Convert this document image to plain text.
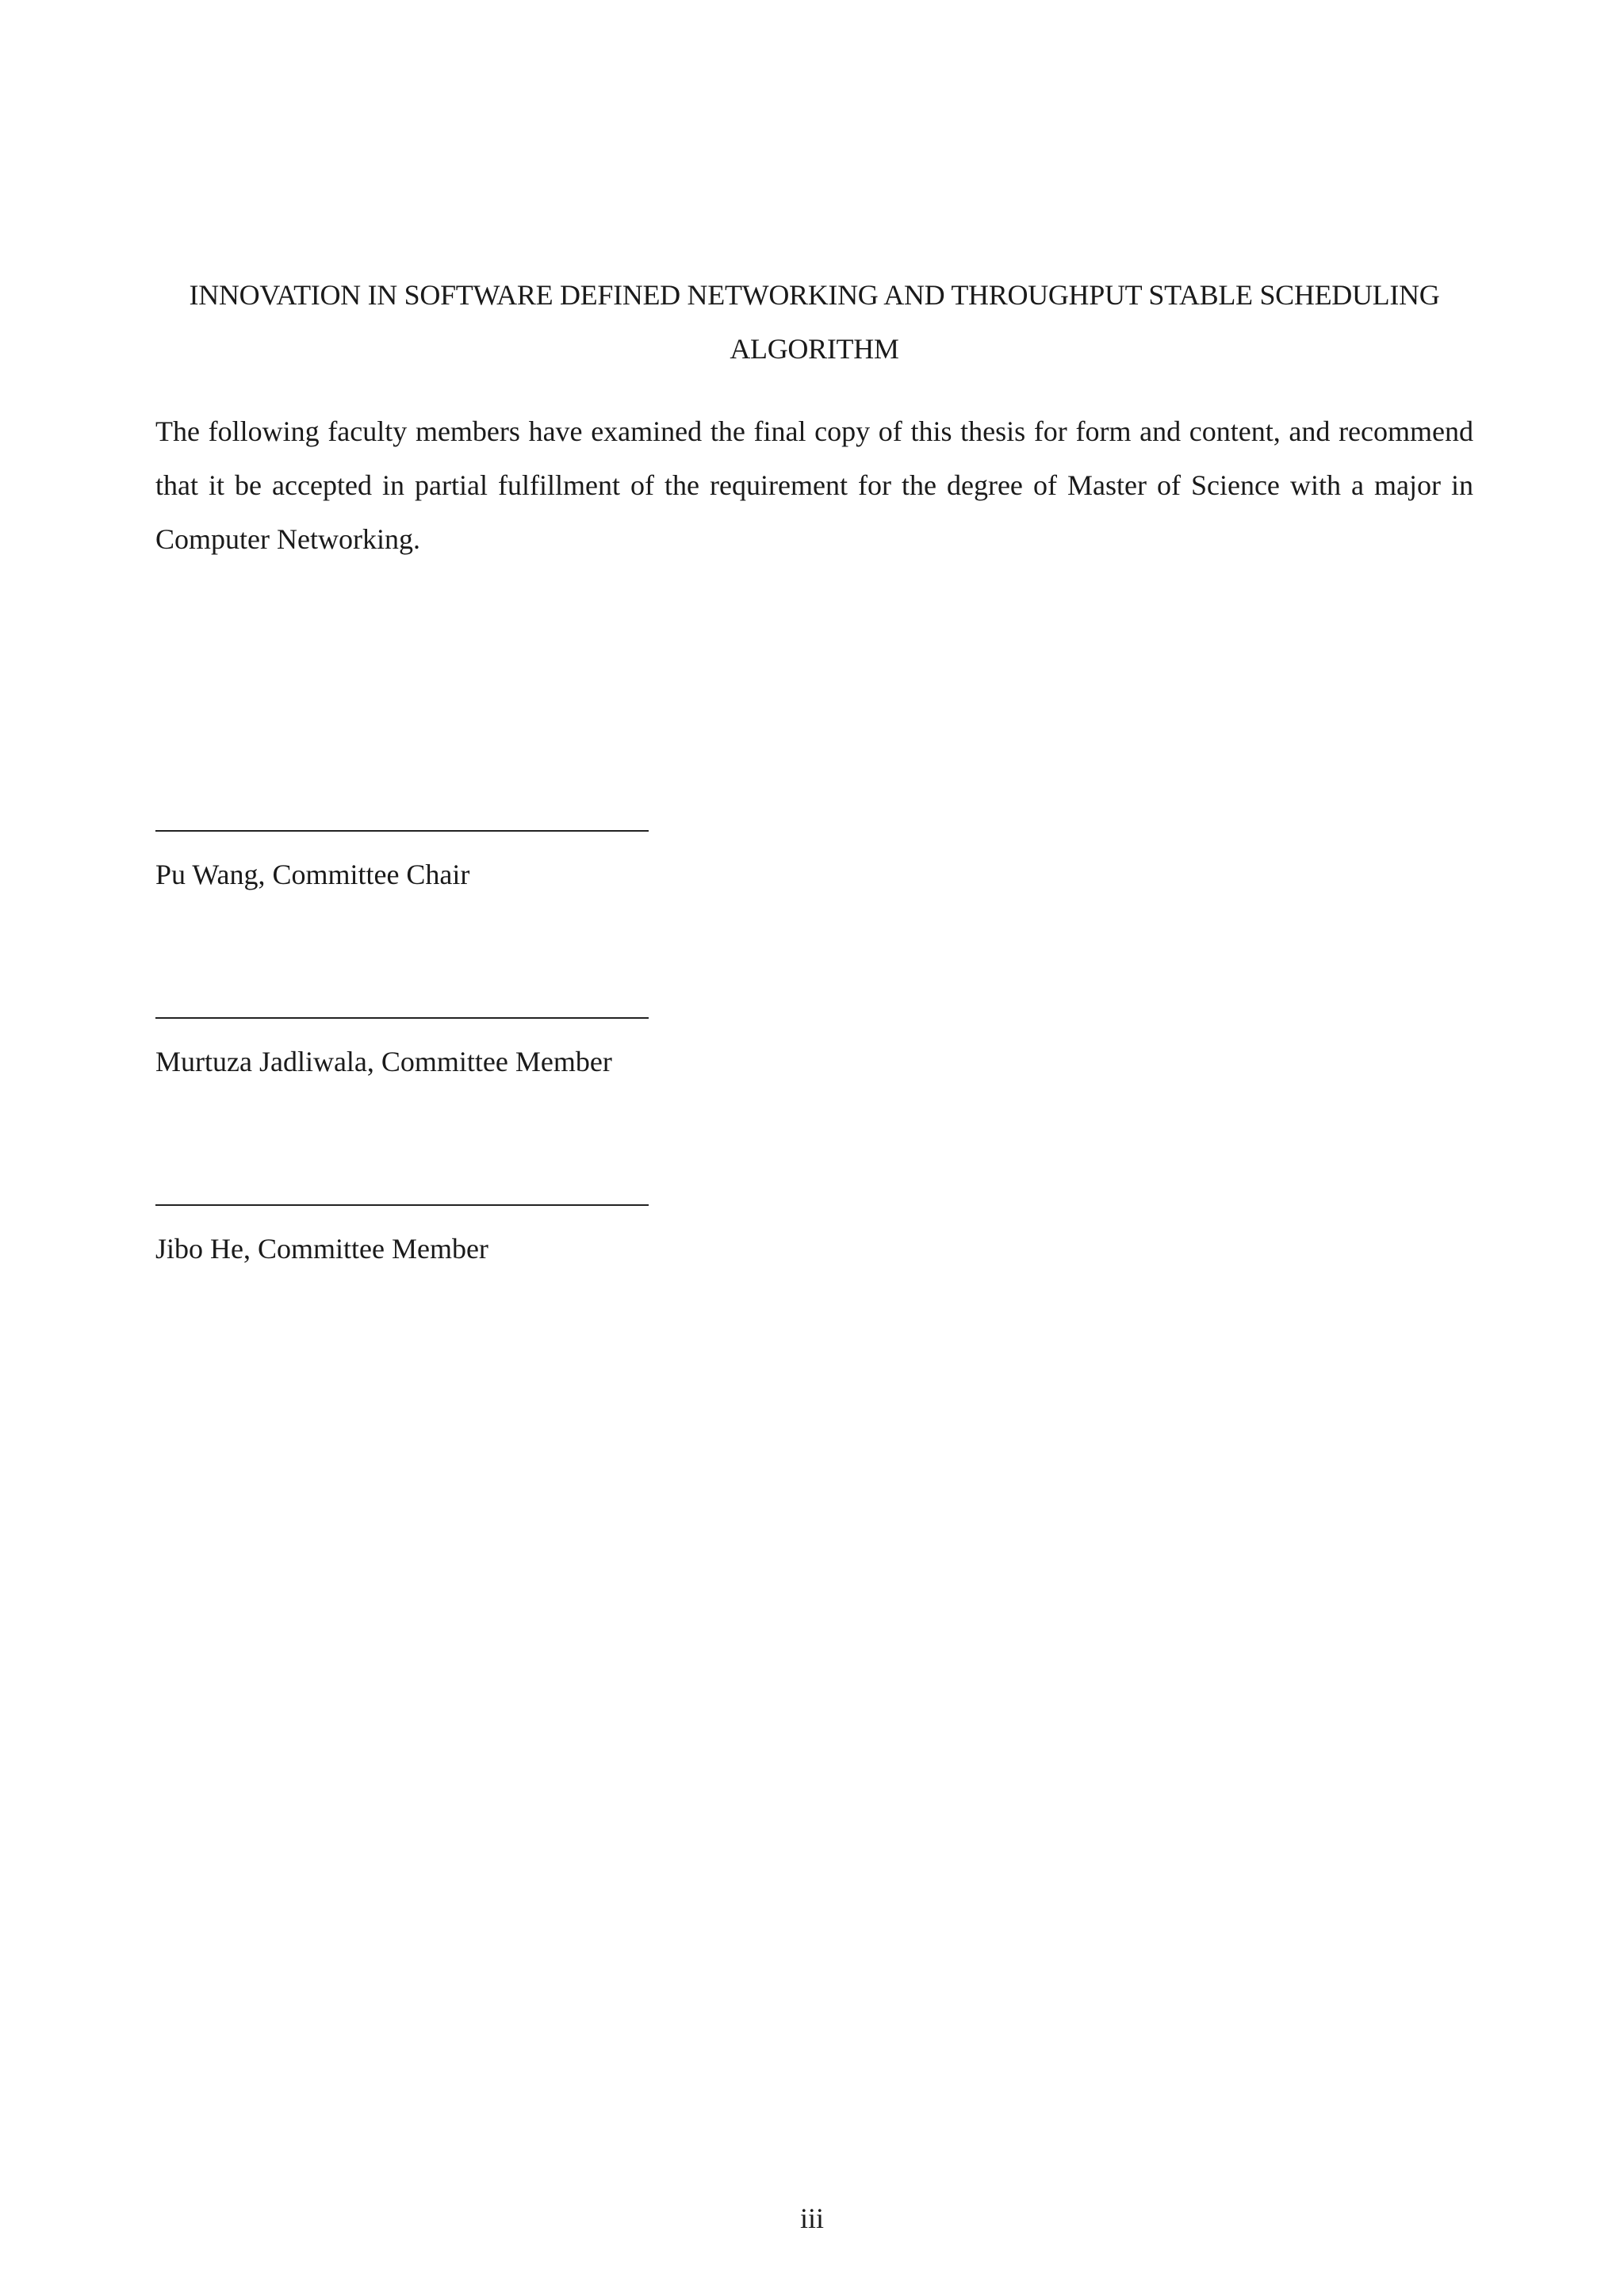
INNOVATION IN SOFTWARE DEFINED NETWORKING AND THROUGHPUT STABLE SCHEDULING ALGORITHM
The following faculty members have examined the final copy of this thesis for form and content, and recommend that it be accepted in partial fulfillment of the requirement for the degree of Master of Science with a major in Computer Networking.
Pu Wang, Committee Chair
Murtuza Jadliwala, Committee Member
Jibo He, Committee Member
iii
